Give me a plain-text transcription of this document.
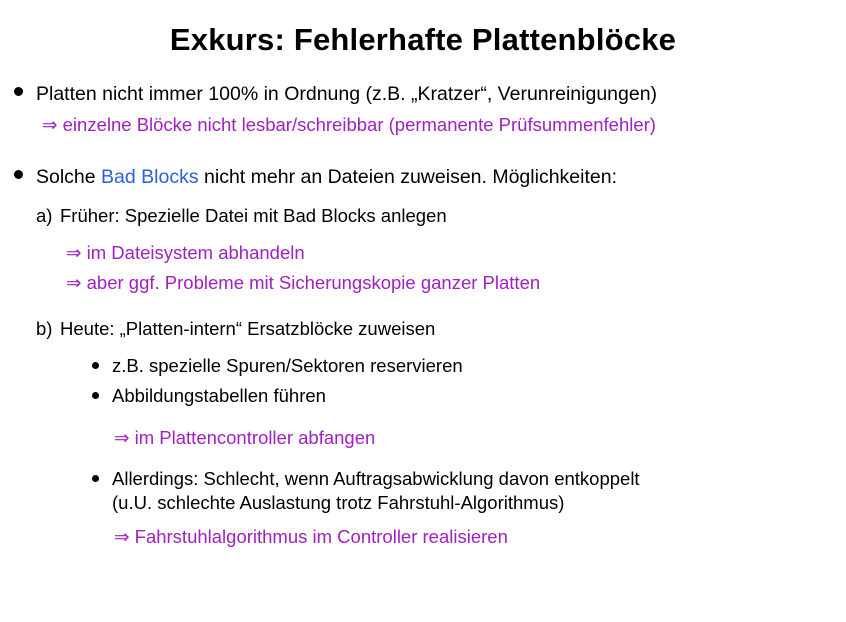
Exkurs: Fehlerhafte Plattenblöcke
Platten nicht immer 100% in Ordnung (z.B. „Kratzer“, Verunreinigungen)
⇒ einzelne Blöcke nicht lesbar/schreibbar (permanente Prüfsummenfehler)
Solche Bad Blocks nicht mehr an Dateien zuweisen. Möglichkeiten:
a) Früher: Spezielle Datei mit Bad Blocks anlegen
⇒ im Dateisystem abhandeln
⇒ aber ggf. Probleme mit Sicherungskopie ganzer Platten
b) Heute: „Platten-intern“ Ersatzblöcke zuweisen
z.B. spezielle Spuren/Sektoren reservieren
Abbildungstabellen führen
⇒ im Plattencontroller abfangen
Allerdings: Schlecht, wenn Auftragsabwicklung davon entkoppelt
(u.U. schlechte Auslastung trotz Fahrstuhl-Algorithmus)
⇒ Fahrstuhlalgorithmus im Controller realisieren
